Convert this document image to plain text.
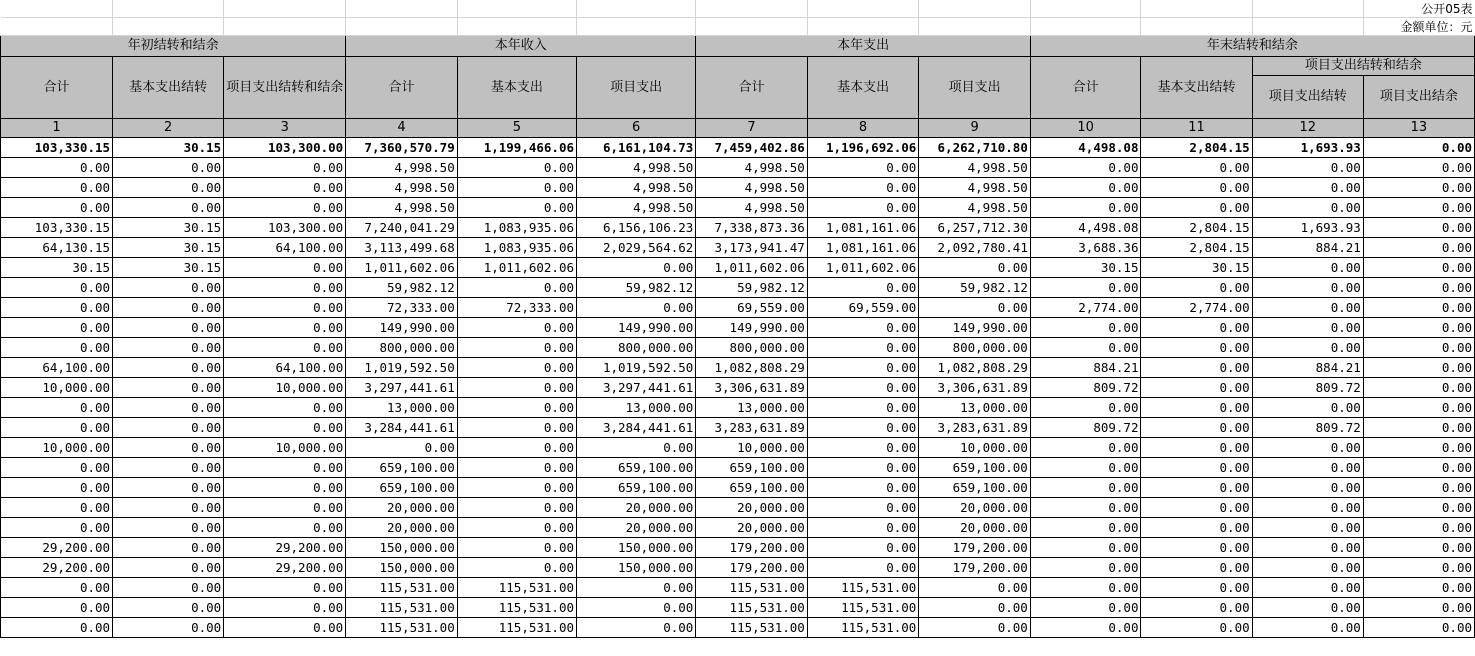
												公开05表
												金额单位：元
年初结转和结余			本年收入			本年支出			年末结转和结余			
合计	基本支出结转	项目支出结转和结余	合计	基本支出	项目支出	合计	基本支出	项目支出	合计	基本支出结转	项目支出结转和结余	
											项目支出结转	项目支出结余
1	2	3	4	5	6	7	8	9	10	11	12	13
103,330.15	30.15	103,300.00	7,360,570.79	1,199,466.06	6,161,104.73	7,459,402.86	1,196,692.06	6,262,710.80	4,498.08	2,804.15	1,693.93	0.00
0.00	0.00	0.00	4,998.50	0.00	4,998.50	4,998.50	0.00	4,998.50	0.00	0.00	0.00	0.00
0.00	0.00	0.00	4,998.50	0.00	4,998.50	4,998.50	0.00	4,998.50	0.00	0.00	0.00	0.00
0.00	0.00	0.00	4,998.50	0.00	4,998.50	4,998.50	0.00	4,998.50	0.00	0.00	0.00	0.00
103,330.15	30.15	103,300.00	7,240,041.29	1,083,935.06	6,156,106.23	7,338,873.36	1,081,161.06	6,257,712.30	4,498.08	2,804.15	1,693.93	0.00
64,130.15	30.15	64,100.00	3,113,499.68	1,083,935.06	2,029,564.62	3,173,941.47	1,081,161.06	2,092,780.41	3,688.36	2,804.15	884.21	0.00
30.15	30.15	0.00	1,011,602.06	1,011,602.06	0.00	1,011,602.06	1,011,602.06	0.00	30.15	30.15	0.00	0.00
0.00	0.00	0.00	59,982.12	0.00	59,982.12	59,982.12	0.00	59,982.12	0.00	0.00	0.00	0.00
0.00	0.00	0.00	72,333.00	72,333.00	0.00	69,559.00	69,559.00	0.00	2,774.00	2,774.00	0.00	0.00
0.00	0.00	0.00	149,990.00	0.00	149,990.00	149,990.00	0.00	149,990.00	0.00	0.00	0.00	0.00
0.00	0.00	0.00	800,000.00	0.00	800,000.00	800,000.00	0.00	800,000.00	0.00	0.00	0.00	0.00
64,100.00	0.00	64,100.00	1,019,592.50	0.00	1,019,592.50	1,082,808.29	0.00	1,082,808.29	884.21	0.00	884.21	0.00
10,000.00	0.00	10,000.00	3,297,441.61	0.00	3,297,441.61	3,306,631.89	0.00	3,306,631.89	809.72	0.00	809.72	0.00
0.00	0.00	0.00	13,000.00	0.00	13,000.00	13,000.00	0.00	13,000.00	0.00	0.00	0.00	0.00
0.00	0.00	0.00	3,284,441.61	0.00	3,284,441.61	3,283,631.89	0.00	3,283,631.89	809.72	0.00	809.72	0.00
10,000.00	0.00	10,000.00	0.00	0.00	0.00	10,000.00	0.00	10,000.00	0.00	0.00	0.00	0.00
0.00	0.00	0.00	659,100.00	0.00	659,100.00	659,100.00	0.00	659,100.00	0.00	0.00	0.00	0.00
0.00	0.00	0.00	659,100.00	0.00	659,100.00	659,100.00	0.00	659,100.00	0.00	0.00	0.00	0.00
0.00	0.00	0.00	20,000.00	0.00	20,000.00	20,000.00	0.00	20,000.00	0.00	0.00	0.00	0.00
0.00	0.00	0.00	20,000.00	0.00	20,000.00	20,000.00	0.00	20,000.00	0.00	0.00	0.00	0.00
29,200.00	0.00	29,200.00	150,000.00	0.00	150,000.00	179,200.00	0.00	179,200.00	0.00	0.00	0.00	0.00
29,200.00	0.00	29,200.00	150,000.00	0.00	150,000.00	179,200.00	0.00	179,200.00	0.00	0.00	0.00	0.00
0.00	0.00	0.00	115,531.00	115,531.00	0.00	115,531.00	115,531.00	0.00	0.00	0.00	0.00	0.00
0.00	0.00	0.00	115,531.00	115,531.00	0.00	115,531.00	115,531.00	0.00	0.00	0.00	0.00	0.00
0.00	0.00	0.00	115,531.00	115,531.00	0.00	115,531.00	115,531.00	0.00	0.00	0.00	0.00	0.00
